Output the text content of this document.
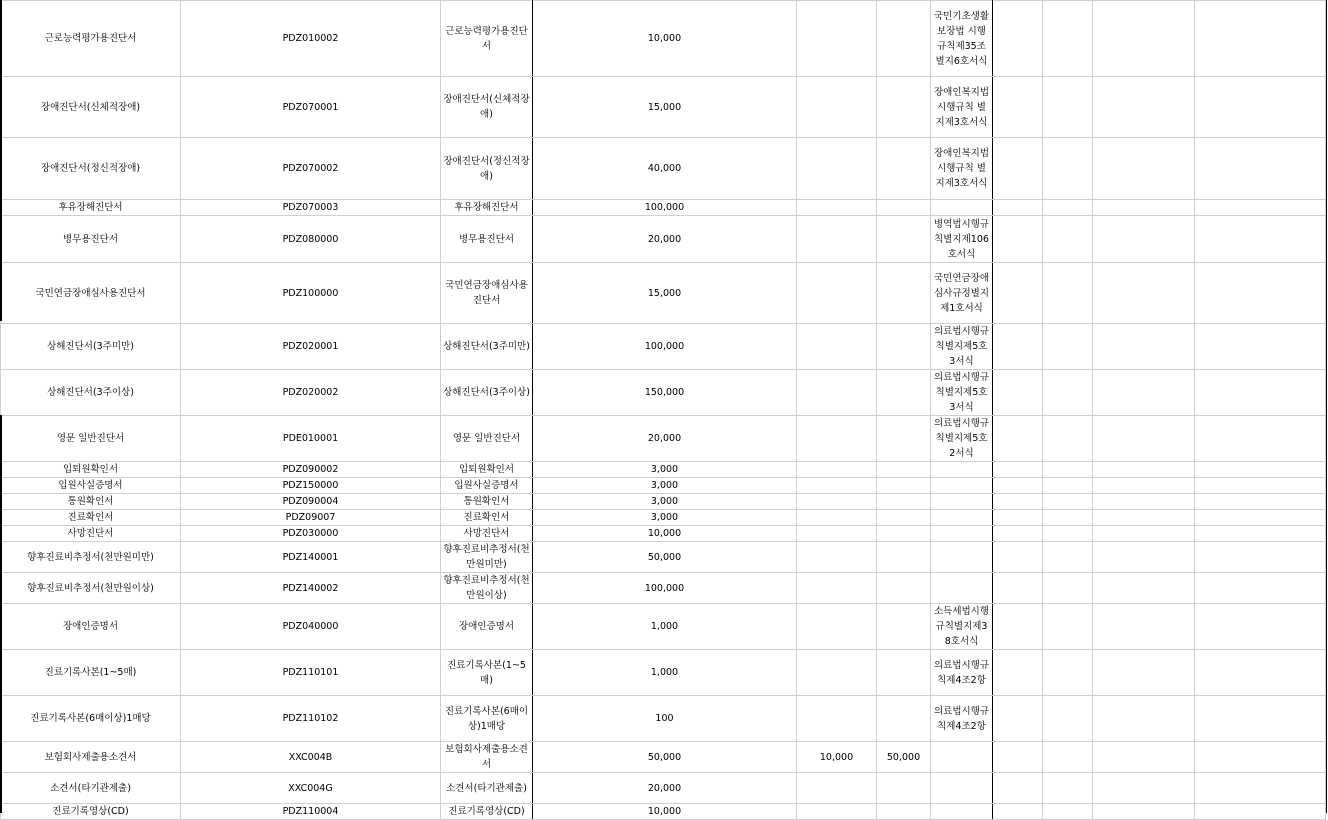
근로능력평가용진단서	PDZ010002	근로능력평가용진단서	10,000			국민기초생활보장법 시행규칙제35조별지6호서식				

장애진단서(신체적장애)	PDZ070001	장애진단서(신체적장애)	15,000			장애인복지법 시행규칙 별지제3호서식				

장애진단서(정신적장애)	PDZ070002	장애진단서(정신적장애)	40,000			장애인복지법 시행규칙 별지제3호서식				

후유장해진단서	PDZ070003	후유장해진단서	100,000			

병무용진단서	PDZ080000	병무용진단서	20,000			병역법시행규칙별지제106호서식				

국민연금장애심사용진단서	PDZ100000	국민연금장애심사용진단서	15,000			국민연금장애심사규정별지제1호서식				

상해진단서(3주미만)	PDZ020001	상해진단서(3주미만)	100,000			의료법시행규칙별지제5호3서식				

상해진단서(3주이상)	PDZ020002	상해진단서(3주이상)	150,000			의료법시행규칙별지제5호3서식				

영문 일반진단서	PDE010001	영문 일반진단서	20,000			의료법시행규칙별지제5호2서식				

입퇴원확인서	PDZ090002	입퇴원확인서	3,000			

입원사실증명서	PDZ150000	입원사실증명서	3,000			

통원확인서	PDZ090004	통원확인서	3,000			

진료확인서	PDZ09007	진료확인서	3,000			

사망진단서	PDZ030000	사망진단서	10,000			

향후진료비추정서(천만원미만)	PDZ140001	향후진료비추정서(천만원미만)	50,000			

향후진료비추정서(천만원이상)	PDZ140002	향후진료비추정서(천만원이상)	100,000			

장애인증명서	PDZ040000	장애인증명서	1,000			소득세법시행규칙별지제38호서식				

진료기록사본(1~5매)	PDZ110101	진료기록사본(1~5매)	1,000			의료법시행규칙제4조2항				

진료기록사본(6매이상)1매당	PDZ110102	진료기록사본(6매이상)1매당	100			의료법시행규칙제4조2항				

보험회사제출용소견서	XXC004B	보험회사제출용소견서	50,000	10,000	50,000	

소견서(타기관제출)	XXC004G	소견서(타기관제출)	20,000			

진료기록영상(CD)	PDZ110004	진료기록영상(CD)	10,000			
